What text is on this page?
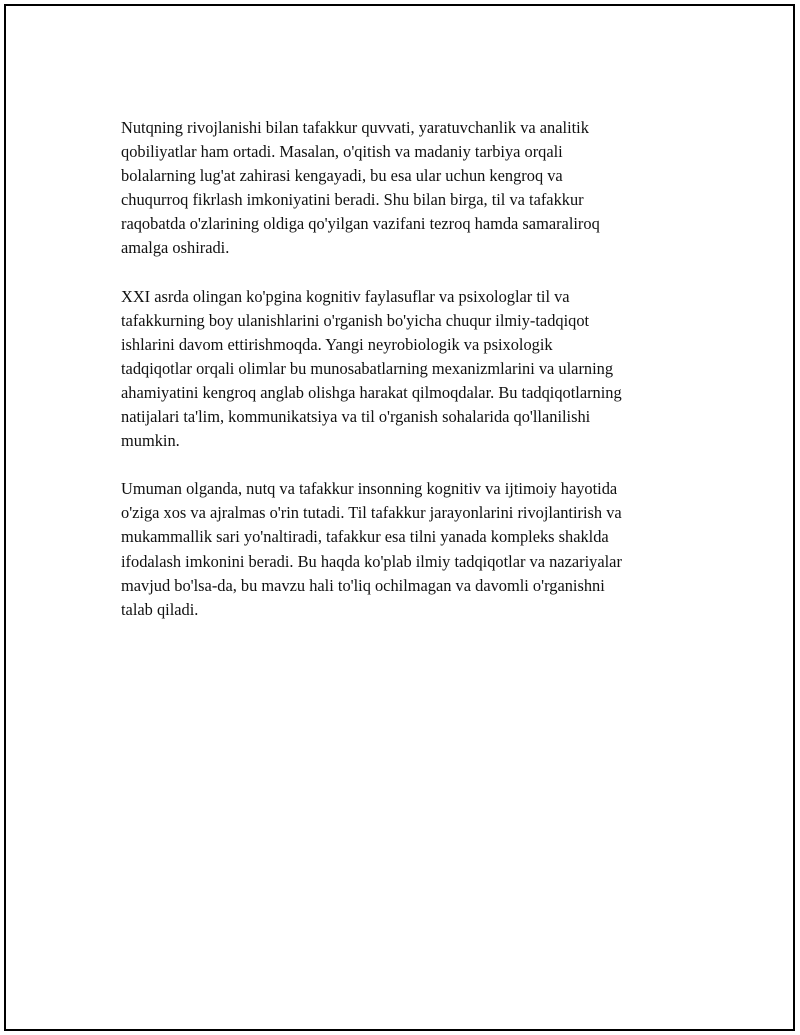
Nutqning rivojlanishi bilan tafakkur quvvati, yaratuvchanlik va analitik
qobiliyatlar ham ortadi. Masalan, o'qitish va madaniy tarbiya orqali
bolalarning lug'at zahirasi kengayadi, bu esa ular uchun kengroq va
chuqurroq fikrlash imkoniyatini beradi. Shu bilan birga, til va tafakkur
raqobatda o'zlarining oldiga qo'yilgan vazifani tezroq hamda samaraliroq
amalga oshiradi.

XXI asrda olingan ko'pgina kognitiv faylasuflar va psixologlar til va
tafakkurning boy ulanishlarini o'rganish bo'yicha chuqur ilmiy-tadqiqot
ishlarini davom ettirishmoqda. Yangi neyrobiologik va psixologik
tadqiqotlar orqali olimlar bu munosabatlarning mexanizmlarini va ularning
ahamiyatini kengroq anglab olishga harakat qilmoqdalar. Bu tadqiqotlarning
natijalari ta'lim, kommunikatsiya va til o'rganish sohalarida qo'llanilishi
mumkin.

Umuman olganda, nutq va tafakkur insonning kognitiv va ijtimoiy hayotida
o'ziga xos va ajralmas o'rin tutadi. Til tafakkur jarayonlarini rivojlantirish va
mukammallik sari yo'naltiradi, tafakkur esa tilni yanada kompleks shaklda
ifodalash imkonini beradi. Bu haqda ko'plab ilmiy tadqiqotlar va nazariyalar
mavjud bo'lsa-da, bu mavzu hali to'liq ochilmagan va davomli o'rganishni
talab qiladi.
